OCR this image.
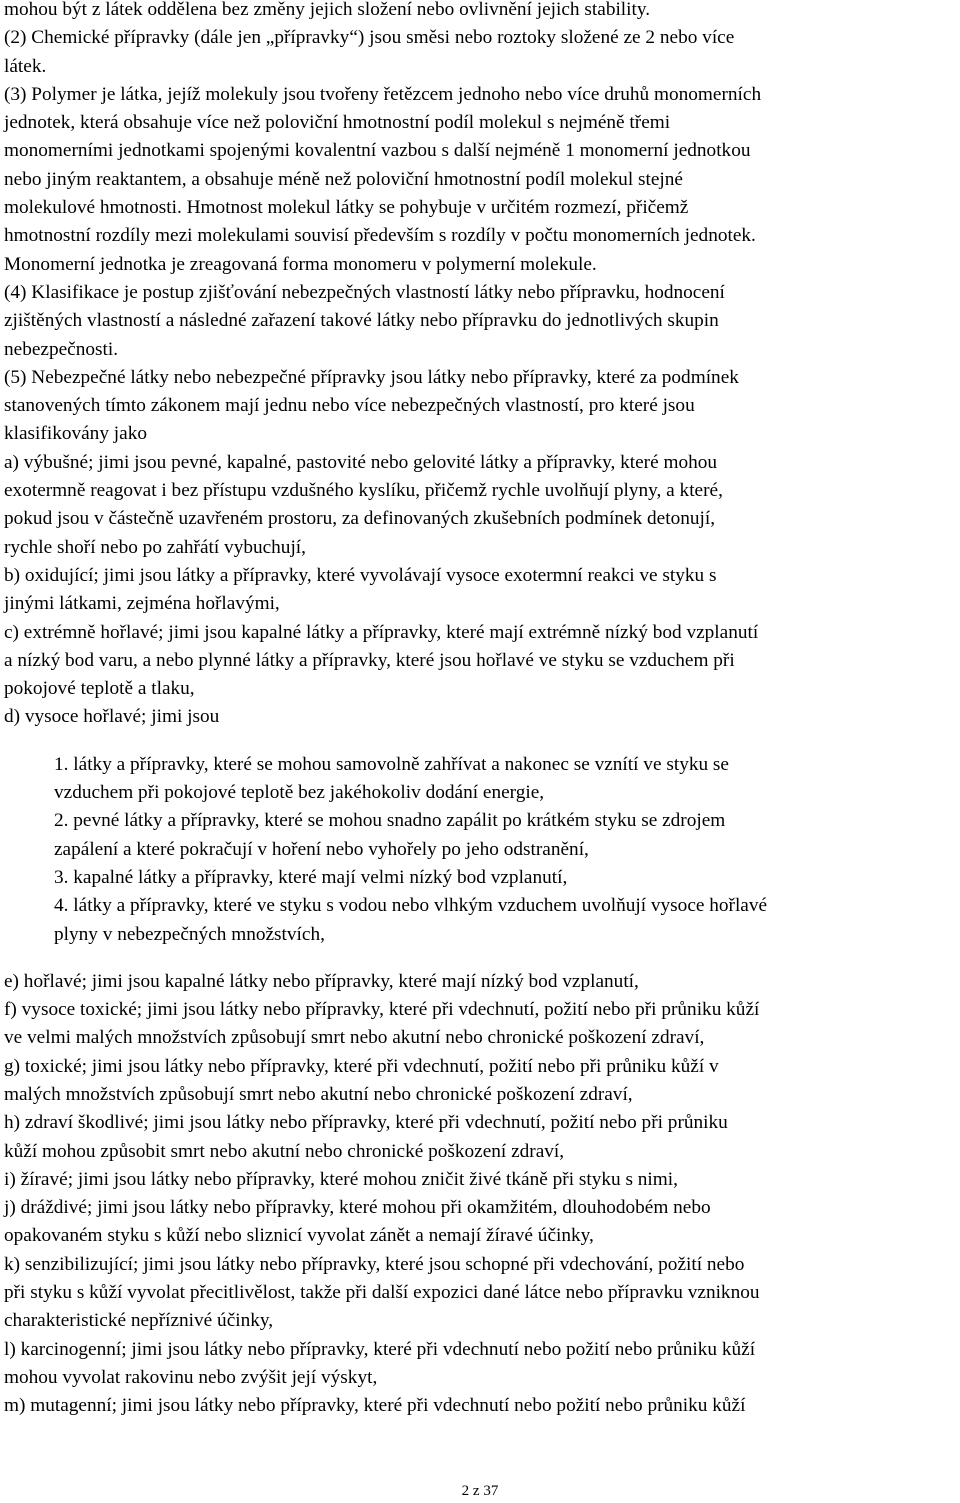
mohou být z látek oddělena bez změny jejich složení nebo ovlivnění jejich stability.
(2) Chemické přípravky (dále jen „přípravky“) jsou směsi nebo roztoky složené ze 2 nebo více
látek.
(3) Polymer je látka, jejíž molekuly jsou tvořeny řetězcem jednoho nebo více druhů monomerních
jednotek, která obsahuje více než poloviční hmotnostní podíl molekul s nejméně třemi
monomerními jednotkami spojenými kovalentní vazbou s další nejméně 1 monomerní jednotkou
nebo jiným reaktantem, a obsahuje méně než poloviční hmotnostní podíl molekul stejné
molekulové hmotnosti. Hmotnost molekul látky se pohybuje v určitém rozmezí, přičemž
hmotnostní rozdíly mezi molekulami souvisí především s rozdíly v počtu monomerních jednotek.
Monomerní jednotka je zreagovaná forma monomeru v polymerní molekule.
(4) Klasifikace je postup zjišťování nebezpečných vlastností látky nebo přípravku, hodnocení
zjištěných vlastností a následné zařazení takové látky nebo přípravku do jednotlivých skupin
nebezpečnosti.
(5) Nebezpečné látky nebo nebezpečné přípravky jsou látky nebo přípravky, které za podmínek
stanovených tímto zákonem mají jednu nebo více nebezpečných vlastností, pro které jsou
klasifikovány jako
a) výbušné; jimi jsou pevné, kapalné, pastovité nebo gelovité látky a přípravky, které mohou
exotermně reagovat i bez přístupu vzdušného kyslíku, přičemž rychle uvolňují plyny, a které,
pokud jsou v částečně uzavřeném prostoru, za definovaných zkušebních podmínek detonují,
rychle shoří nebo po zahřátí vybuchují,
b) oxidující; jimi jsou látky a přípravky, které vyvolávají vysoce exotermní reakci ve styku s
jinými látkami, zejména hořlavými,
c) extrémně hořlavé; jimi jsou kapalné látky a přípravky, které mají extrémně nízký bod vzplanutí
a nízký bod varu, a nebo plynné látky a přípravky, které jsou hořlavé ve styku se vzduchem při
pokojové teplotě a tlaku,
d) vysoce hořlavé; jimi jsou
1. látky a přípravky, které se mohou samovolně zahřívat a nakonec se vznítí ve styku se
vzduchem při pokojové teplotě bez jakéhokoliv dodání energie,
2. pevné látky a přípravky, které se mohou snadno zapálit po krátkém styku se zdrojem
zapálení a které pokračují v hoření nebo vyhořely po jeho odstranění,
3. kapalné látky a přípravky, které mají velmi nízký bod vzplanutí,
4. látky a přípravky, které ve styku s vodou nebo vlhkým vzduchem uvolňují vysoce hořlavé
plyny v nebezpečných množstvích,
e) hořlavé; jimi jsou kapalné látky nebo přípravky, které mají nízký bod vzplanutí,
f) vysoce toxické; jimi jsou látky nebo přípravky, které při vdechnutí, požití nebo při průniku kůží
ve velmi malých množstvích způsobují smrt nebo akutní nebo chronické poškození zdraví,
g) toxické; jimi jsou látky nebo přípravky, které při vdechnutí, požití nebo při průniku kůží v
malých množstvích způsobují smrt nebo akutní nebo chronické poškození zdraví,
h) zdraví škodlivé; jimi jsou látky nebo přípravky, které při vdechnutí, požití nebo při průniku
kůží mohou způsobit smrt nebo akutní nebo chronické poškození zdraví,
i) žíravé; jimi jsou látky nebo přípravky, které mohou zničit živé tkáně při styku s nimi,
j) dráždivé; jimi jsou látky nebo přípravky, které mohou při okamžitém, dlouhodobém nebo
opakovaném styku s kůží nebo sliznicí vyvolat zánět a nemají žíravé účinky,
k) senzibilizující; jimi jsou látky nebo přípravky, které jsou schopné při vdechování, požití nebo
při styku s kůží vyvolat přecitlivělost, takže při další expozici dané látce nebo přípravku vzniknou
charakteristické nepříznivé účinky,
l) karcinogenní; jimi jsou látky nebo přípravky, které při vdechnutí nebo požití nebo průniku kůží
mohou vyvolat rakovinu nebo zvýšit její výskyt,
m) mutagenní; jimi jsou látky nebo přípravky, které při vdechnutí nebo požití nebo průniku kůží
2 z 37
